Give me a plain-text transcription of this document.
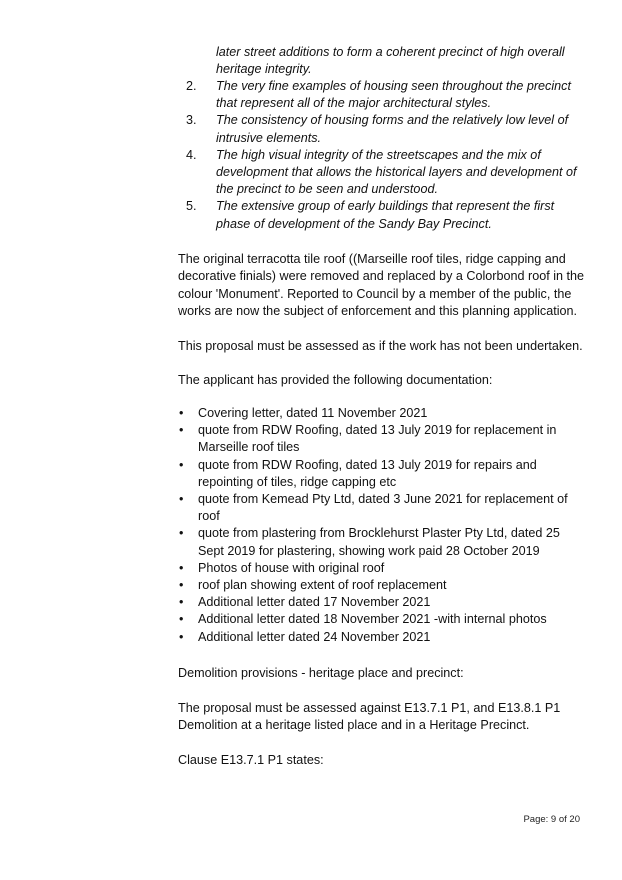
later street additions to form a coherent precinct of high overall heritage integrity.
2. The very fine examples of housing seen throughout the precinct that represent all of the major architectural styles.
3. The consistency of housing forms and the relatively low level of intrusive elements.
4. The high visual integrity of the streetscapes and the mix of development that allows the historical layers and development of the precinct to be seen and understood.
5. The extensive group of early buildings that represent the first phase of development of the Sandy Bay Precinct.

The original terracotta tile roof ((Marseille roof tiles, ridge capping and decorative finials) were removed and replaced by a Colorbond roof in the colour 'Monument'. Reported to Council by a member of the public, the works are now the subject of enforcement and this planning application.

This proposal must be assessed as if the work has not been undertaken.

The applicant has provided the following documentation:

• Covering letter, dated 11 November 2021
• quote from RDW Roofing, dated 13 July 2019 for replacement in Marseille roof tiles
• quote from RDW Roofing, dated 13 July 2019 for repairs and repointing of tiles, ridge capping etc
• quote from Kemead Pty Ltd, dated 3 June 2021 for replacement of roof
• quote from plastering from Brocklehurst Plaster Pty Ltd, dated 25 Sept 2019 for plastering, showing work paid 28 October 2019
• Photos of house with original roof
• roof plan showing extent of roof replacement
• Additional letter dated 17 November 2021
• Additional letter dated 18 November 2021 -with internal photos
• Additional letter dated 24 November 2021

Demolition provisions - heritage place and precinct:

The proposal must be assessed against E13.7.1 P1, and E13.8.1 P1 Demolition at a heritage listed place and in a Heritage Precinct.

Clause E13.7.1 P1 states:

Page: 9 of 20
